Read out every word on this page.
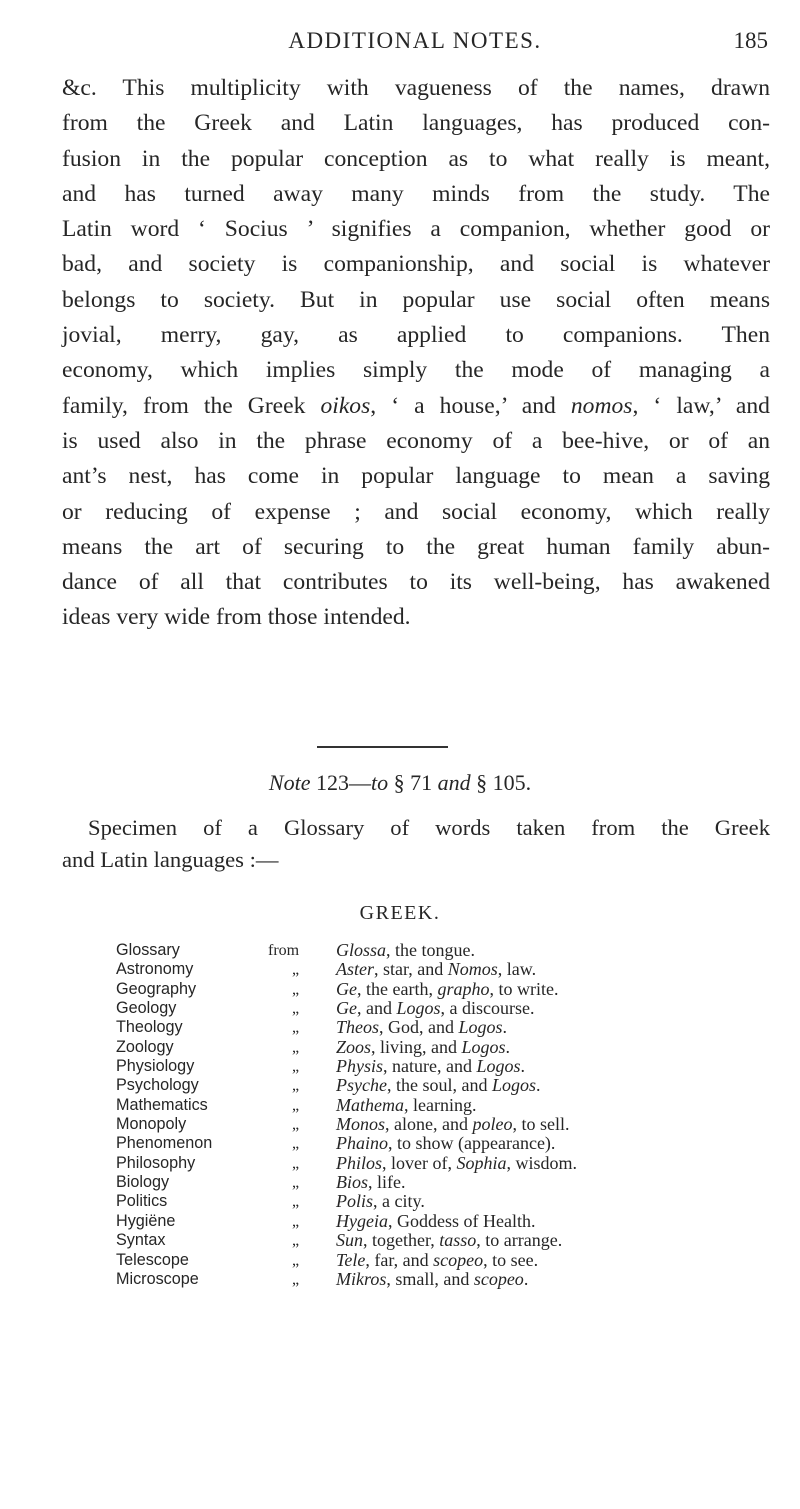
ADDITIONAL NOTES.	185
&c. This multiplicity with vagueness of the names, drawn
from the Greek and Latin languages, has produced con-
fusion in the popular conception as to what really is meant,
and has turned away many minds from the study. The
Latin word ‘ Socius ’ signifies a companion, whether good or
bad, and society is companionship, and social is whatever
belongs to society. But in popular use social often means
jovial, merry, gay, as applied to companions. Then
economy, which implies simply the mode of managing a
family, from the Greek oikos, ‘ a house,’ and nomos, ‘ law,’ and
is used also in the phrase economy of a bee-hive, or of an
ant’s nest, has come in popular language to mean a saving
or reducing of expense ; and social economy, which really
means the art of securing to the great human family abun-
dance of all that contributes to its well-being, has awakened
ideas very wide from those intended.
Note 123—to § 71 and § 105.
Specimen of a Glossary of words taken from the Greek
and Latin languages :—
GREEK.
Glossary	from Glossa, the tongue.
Astronomy	„ Aster, star, and Nomos, law.
Geography	„ Ge, the earth, grapho, to write.
Geology	„ Ge, and Logos, a discourse.
Theology	„ Theos, God, and Logos.
Zoology	„ Zoos, living, and Logos.
Physiology	„ Physis, nature, and Logos.
Psychology	„ Psyche, the soul, and Logos.
Mathematics	„ Mathema, learning.
Monopoly	„ Monos, alone, and poleo, to sell.
Phenomenon	„ Phaino, to show (appearance).
Philosophy	„ Philos, lover of, Sophia, wisdom.
Biology	„ Bios, life.
Politics	„ Polis, a city.
Hygiëne	„ Hygeia, Goddess of Health.
Syntax	„ Sun, together, tasso, to arrange.
Telescope	„ Tele, far, and scopeo, to see.
Microscope	„ Mikros, small, and scopeo.
